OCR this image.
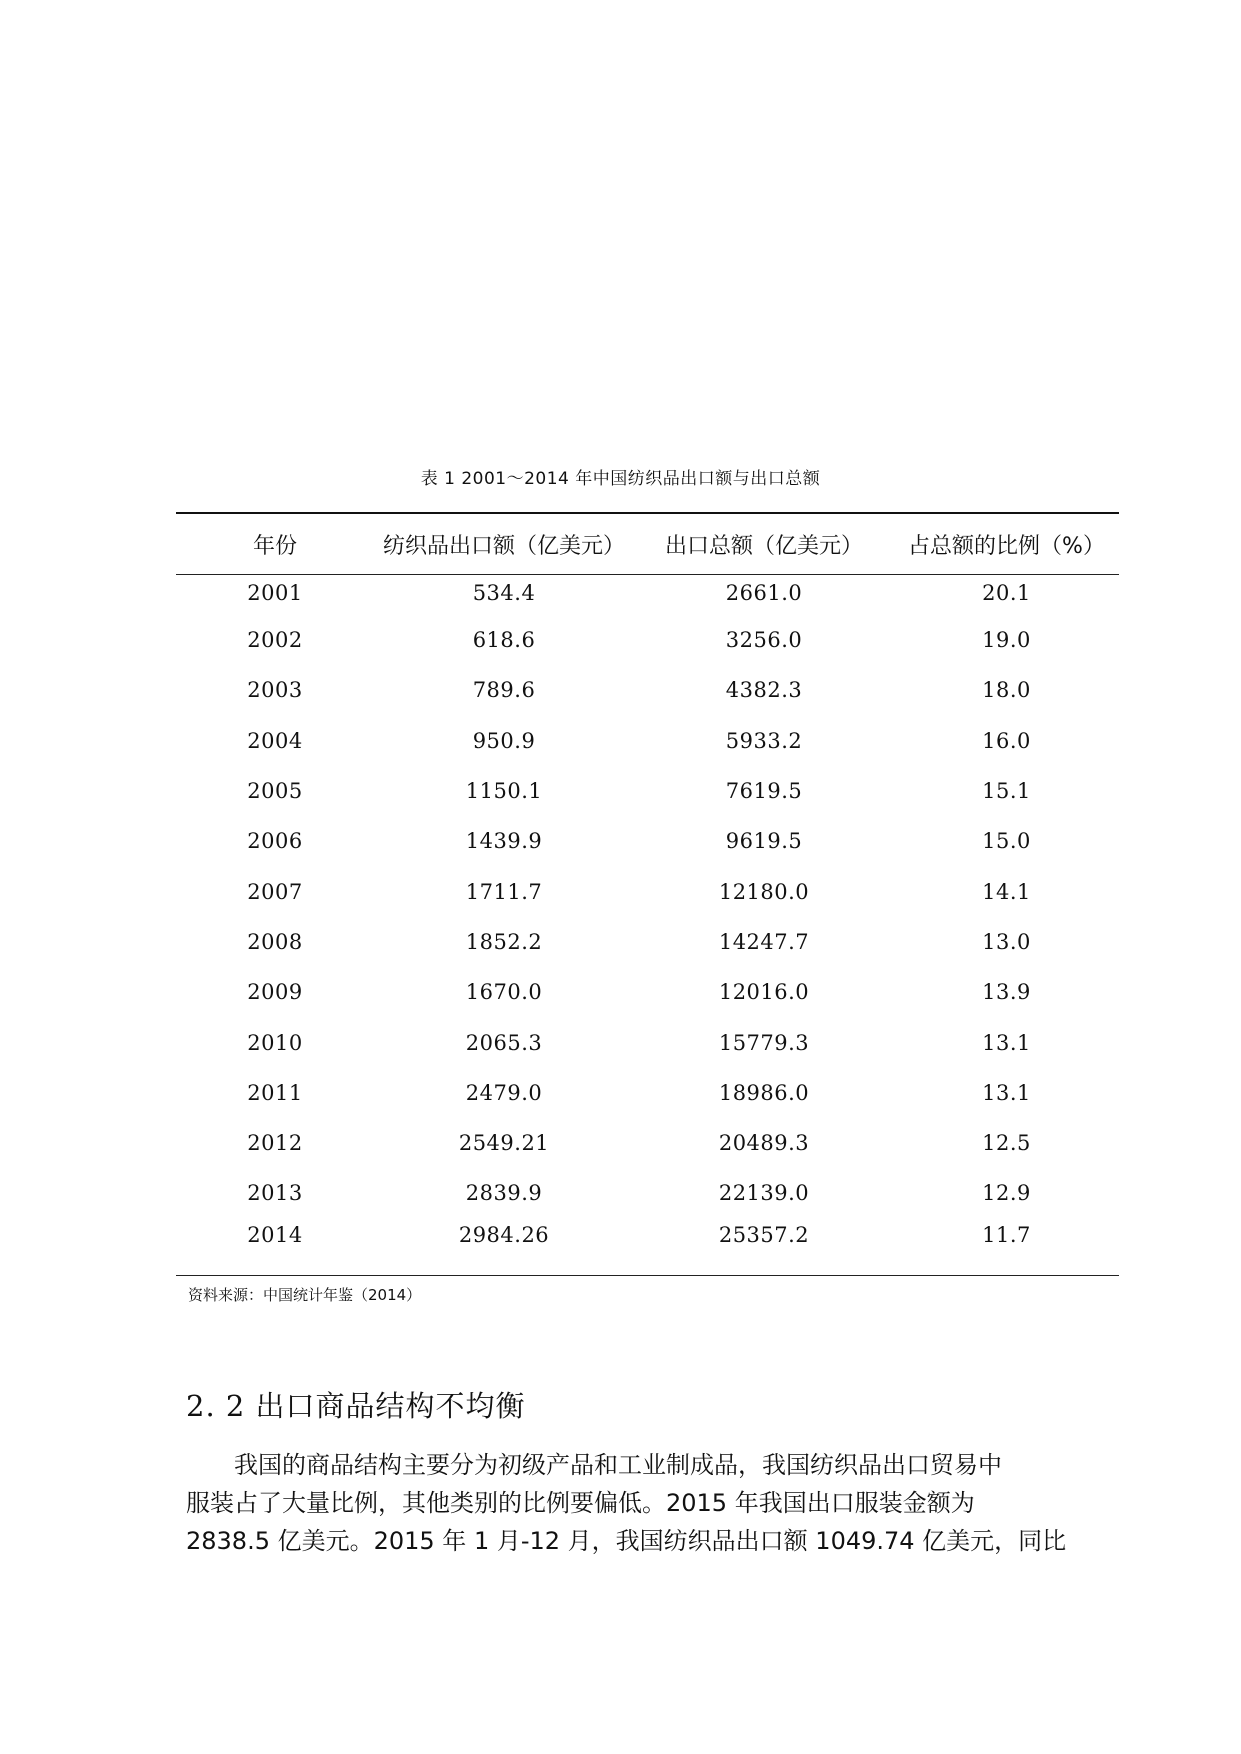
表 1 2001～2014 年中国纺织品出口额与出口总额
年份	纺织品出口额（亿美元）	出口总额（亿美元）	占总额的比例（%）
2001	534.4	2661.0	20.1
2002	618.6	3256.0	19.0
2003	789.6	4382.3	18.0
2004	950.9	5933.2	16.0
2005	1150.1	7619.5	15.1
2006	1439.9	9619.5	15.0
2007	1711.7	12180.0	14.1
2008	1852.2	14247.7	13.0
2009	1670.0	12016.0	13.9
2010	2065.3	15779.3	13.1
2011	2479.0	18986.0	13.1
2012	2549.21	20489.3	12.5
2013	2839.9	22139.0	12.9
2014	2984.26	25357.2	11.7
资料来源：中国统计年鉴（2014）
2. 2 出口商品结构不均衡
我国的商品结构主要分为初级产品和工业制成品，我国纺织品出口贸易中
服装占了大量比例，其他类别的比例要偏低。2015 年我国出口服装金额为
2838.5 亿美元。2015 年 1 月-12 月，我国纺织品出口额 1049.74 亿美元，同比
